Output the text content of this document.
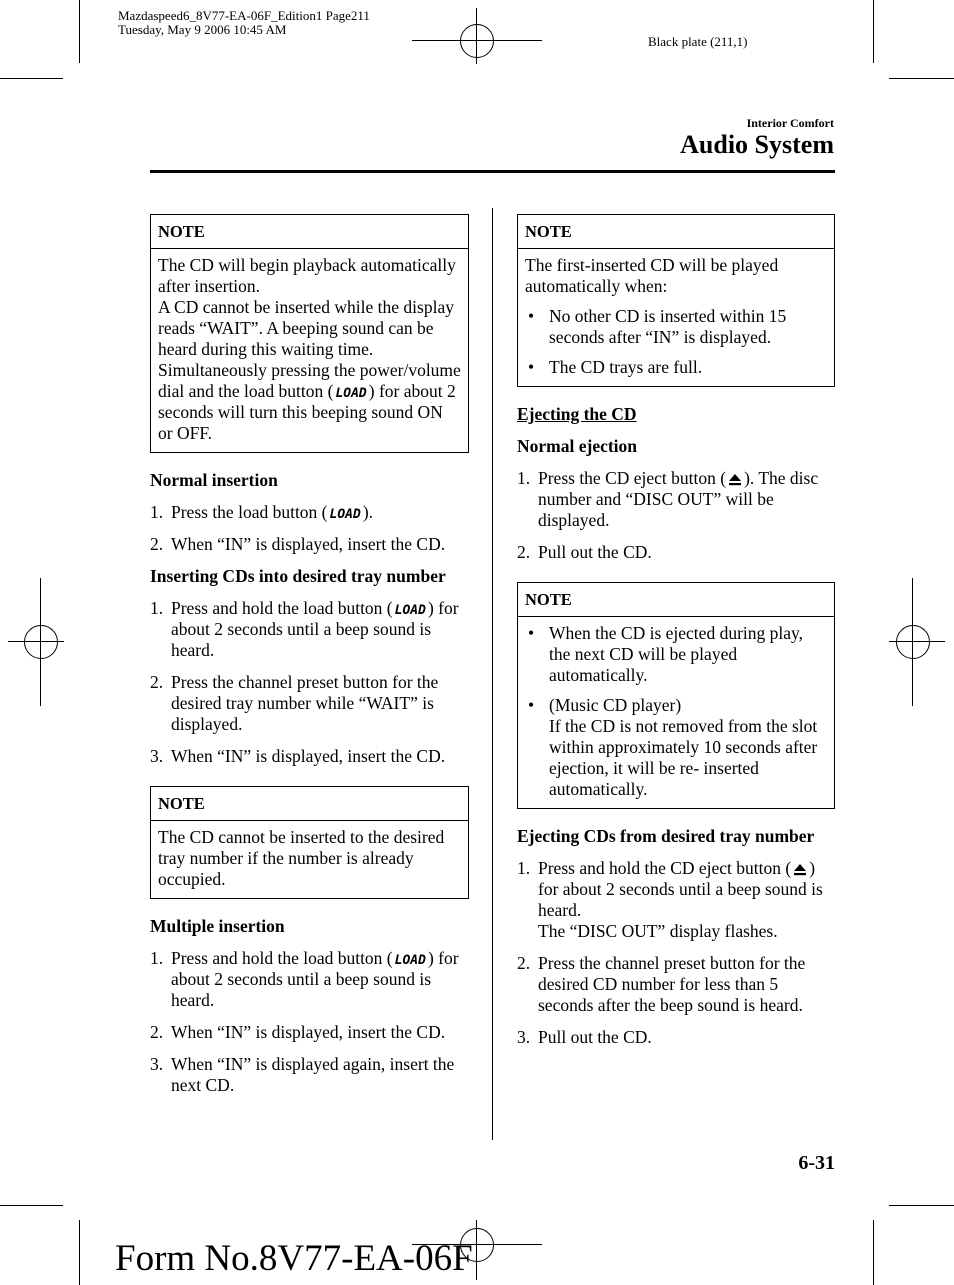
Mazdaspeed6_8V77-EA-06F_Edition1 Page211
Tuesday, May 9 2006 10:45 AM
Black plate (211,1)
Interior Comfort
Audio System
NOTE

The CD will begin playback automatically after insertion.

A CD cannot be inserted while the display reads “WAIT”. A beeping sound can be heard during this waiting time. Simultaneously pressing the power/volume dial and the load button ( LOAD ) for about 2 seconds will turn this beeping sound ON or OFF.

Normal insertion

1. Press the load button ( LOAD ).
2. When “IN” is displayed, insert the CD.

Inserting CDs into desired tray number

1. Press and hold the load button ( LOAD ) for about 2 seconds until a beep sound is heard.
2. Press the channel preset button for the desired tray number while “WAIT” is displayed.
3. When “IN” is displayed, insert the CD.
NOTE

The CD cannot be inserted to the desired tray number if the number is already occupied.

Multiple insertion

1. Press and hold the load button ( LOAD ) for about 2 seconds until a beep sound is heard.
2. When “IN” is displayed, insert the CD.
3. When “IN” is displayed again, insert the next CD.
NOTE

The first-inserted CD will be played automatically when:

• No other CD is inserted within 15 seconds after “IN” is displayed.
• The CD trays are full.

Ejecting the CD

Normal ejection

1. Press the CD eject button ( ). The disc number and “DISC OUT” will be displayed.
2. Pull out the CD.
NOTE
• When the CD is ejected during play, the next CD will be played automatically.
• (Music CD player)
If the CD is not removed from the slot within approximately 10 seconds after ejection, it will be re- inserted automatically.

Ejecting CDs from desired tray number

1. Press and hold the CD eject button ( ) for about 2 seconds until a beep sound is heard.
The “DISC OUT” display flashes.
2. Press the channel preset button for the desired CD number for less than 5 seconds after the beep sound is heard.
3. Pull out the CD.
6-31
Form No.8V77-EA-06F
